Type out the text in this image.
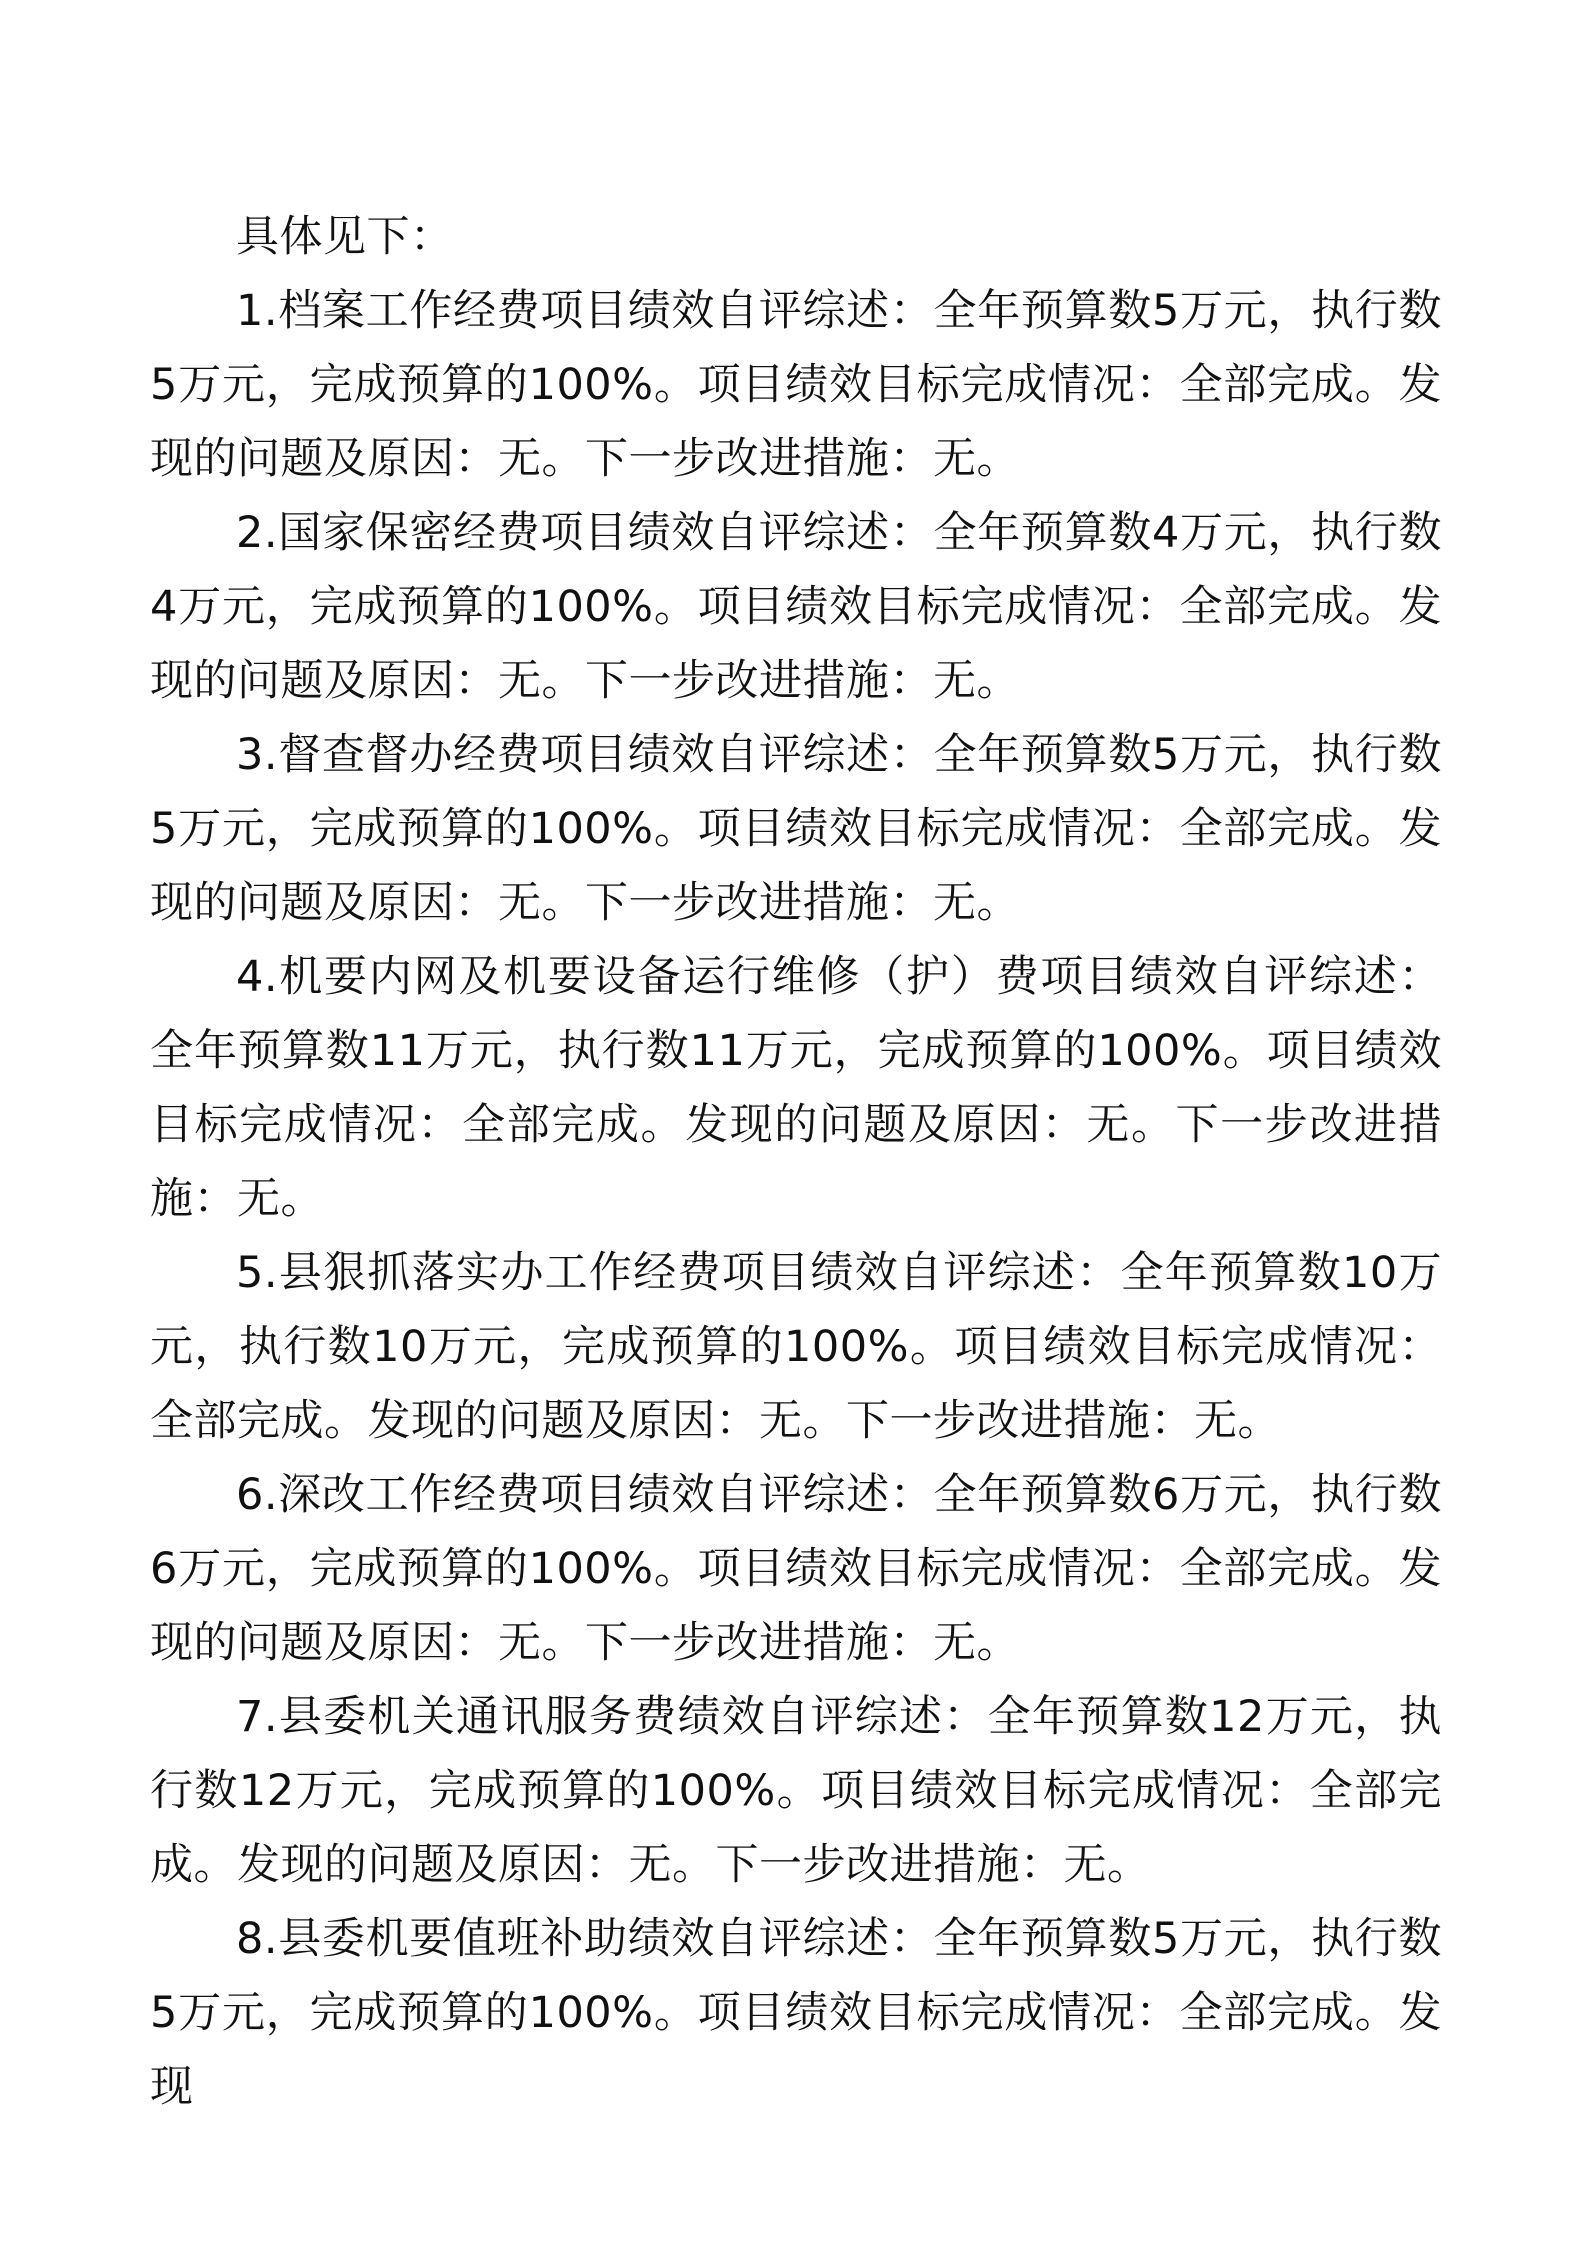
具体见下：

1.档案工作经费项目绩效自评综述：全年预算数5万元，执行数5万元，完成预算的100%。项目绩效目标完成情况：全部完成。发现的问题及原因：无。下一步改进措施：无。

2.国家保密经费项目绩效自评综述：全年预算数4万元，执行数4万元，完成预算的100%。项目绩效目标完成情况：全部完成。发现的问题及原因：无。下一步改进措施：无。

3.督查督办经费项目绩效自评综述：全年预算数5万元，执行数5万元，完成预算的100%。项目绩效目标完成情况：全部完成。发现的问题及原因：无。下一步改进措施：无。

4.机要内网及机要设备运行维修（护）费项目绩效自评综述：全年预算数11万元，执行数11万元，完成预算的100%。项目绩效目标完成情况：全部完成。发现的问题及原因：无。下一步改进措施：无。

5.县狠抓落实办工作经费项目绩效自评综述：全年预算数10万元，执行数10万元，完成预算的100%。项目绩效目标完成情况：全部完成。发现的问题及原因：无。下一步改进措施：无。

6.深改工作经费项目绩效自评综述：全年预算数6万元，执行数6万元，完成预算的100%。项目绩效目标完成情况：全部完成。发现的问题及原因：无。下一步改进措施：无。

7.县委机关通讯服务费绩效自评综述：全年预算数12万元，执行数12万元，完成预算的100%。项目绩效目标完成情况：全部完成。发现的问题及原因：无。下一步改进措施：无。

8.县委机要值班补助绩效自评综述：全年预算数5万元，执行数5万元，完成预算的100%。项目绩效目标完成情况：全部完成。发现
